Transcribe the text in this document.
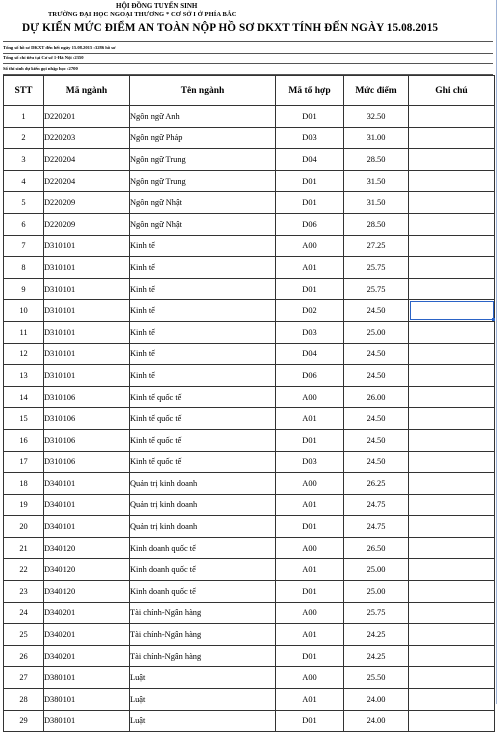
HỘI ĐỒNG TUYỂN SINH
TRƯỜNG ĐẠI HỌC NGOẠI THƯƠNG * CƠ SỞ I Ở PHÍA BẮC
DỰ KIẾN MỨC ĐIỂM AN TOÀN NỘP HỒ SƠ DKXT TÍNH ĐẾN NGÀY 15.08.2015
Tổng số hồ sơ DKXT đến hết ngày 15.08.2015 :3286 hồ sơ
Tổng số chỉ tiêu tại Cơ sở 1-Hà Nội :2350
Số thí sinh dự kiến gọi nhập học :2700
STT	Mã ngành	Tên ngành	Mã tổ hợp	Mức điểm	Ghi chú
1	D220201	Ngôn ngữ Anh	D01	32.50	
2	D220203	Ngôn ngữ Pháp	D03	31.00	
3	D220204	Ngôn ngữ Trung	D04	28.50	
4	D220204	Ngôn ngữ Trung	D01	31.50	
5	D220209	Ngôn ngữ Nhật	D01	31.50	
6	D220209	Ngôn ngữ Nhật	D06	28.50	
7	D310101	Kinh tế	A00	27.25	
8	D310101	Kinh tế	A01	25.75	
9	D310101	Kinh tế	D01	25.75	
10	D310101	Kinh tế	D02	24.50	
11	D310101	Kinh tế	D03	25.00	
12	D310101	Kinh tế	D04	24.50	
13	D310101	Kinh tế	D06	24.50	
14	D310106	Kinh tế quốc tế	A00	26.00	
15	D310106	Kinh tế quốc tế	A01	24.50	
16	D310106	Kinh tế quốc tế	D01	24.50	
17	D310106	Kinh tế quốc tế	D03	24.50	
18	D340101	Quản trị kinh doanh	A00	26.25	
19	D340101	Quản trị kinh doanh	A01	24.75	
20	D340101	Quản trị kinh doanh	D01	24.75	
21	D340120	Kinh doanh quốc tế	A00	26.50	
22	D340120	Kinh doanh quốc tế	A01	25.00	
23	D340120	Kinh doanh quốc tế	D01	25.00	
24	D340201	Tài chính-Ngân hàng	A00	25.75	
25	D340201	Tài chính-Ngân hàng	A01	24.25	
26	D340201	Tài chính-Ngân hàng	D01	24.25	
27	D380101	Luật	A00	25.50	
28	D380101	Luật	A01	24.00	
29	D380101	Luật	D01	24.00	
